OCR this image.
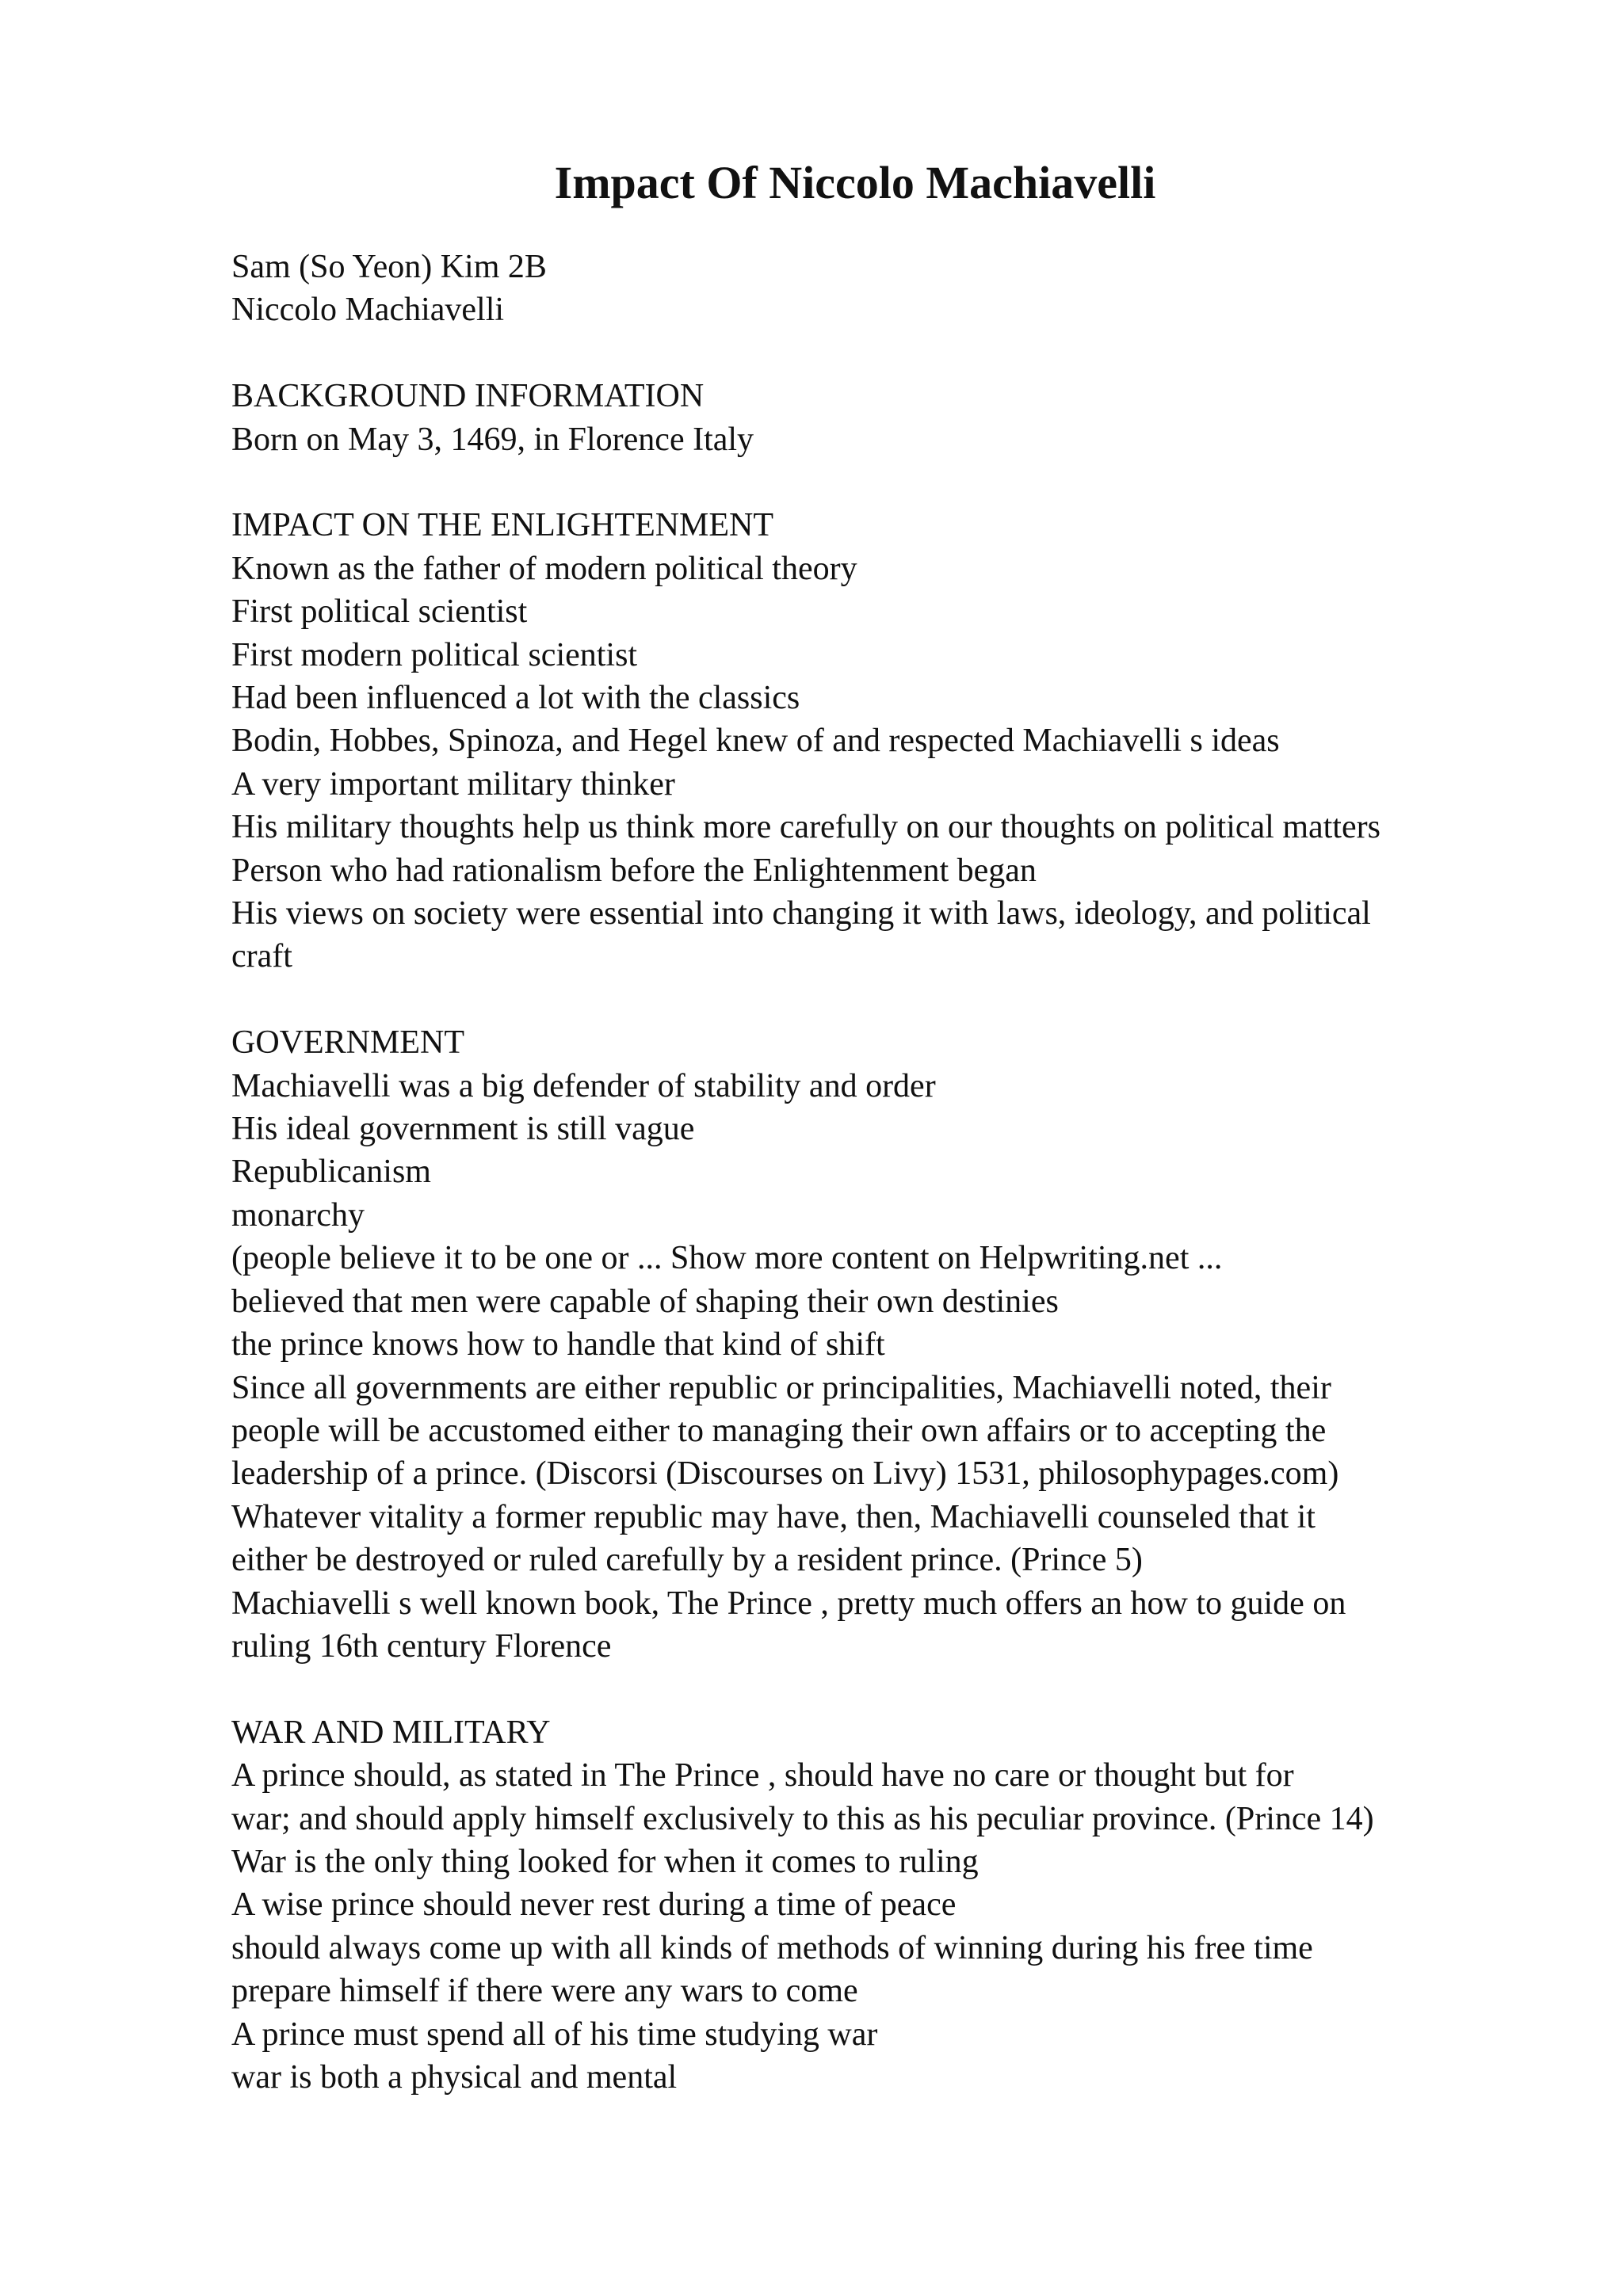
Impact Of Niccolo Machiavelli
Sam (So Yeon) Kim 2B
Niccolo Machiavelli
BACKGROUND INFORMATION
Born on May 3, 1469, in Florence Italy
IMPACT ON THE ENLIGHTENMENT
Known as the father of modern political theory
First political scientist
First modern political scientist
Had been influenced a lot with the classics
Bodin, Hobbes, Spinoza, and Hegel knew of and respected Machiavelli s ideas
A very important military thinker
His military thoughts help us think more carefully on our thoughts on political matters
Person who had rationalism before the Enlightenment began
His views on society were essential into changing it with laws, ideology, and political
craft
GOVERNMENT
Machiavelli was a big defender of stability and order
His ideal government is still vague
Republicanism
monarchy
(people believe it to be one or ... Show more content on Helpwriting.net ...
believed that men were capable of shaping their own destinies
the prince knows how to handle that kind of shift
Since all governments are either republic or principalities, Machiavelli noted, their
people will be accustomed either to managing their own affairs or to accepting the
leadership of a prince. (Discorsi (Discourses on Livy) 1531, philosophypages.com)
Whatever vitality a former republic may have, then, Machiavelli counseled that it
either be destroyed or ruled carefully by a resident prince. (Prince 5)
Machiavelli s well known book, The Prince , pretty much offers an how to guide on
ruling 16th century Florence
WAR AND MILITARY
A prince should, as stated in The Prince , should have no care or thought but for
war; and should apply himself exclusively to this as his peculiar province. (Prince 14)
War is the only thing looked for when it comes to ruling
A wise prince should never rest during a time of peace
should always come up with all kinds of methods of winning during his free time
prepare himself if there were any wars to come
A prince must spend all of his time studying war
war is both a physical and mental
